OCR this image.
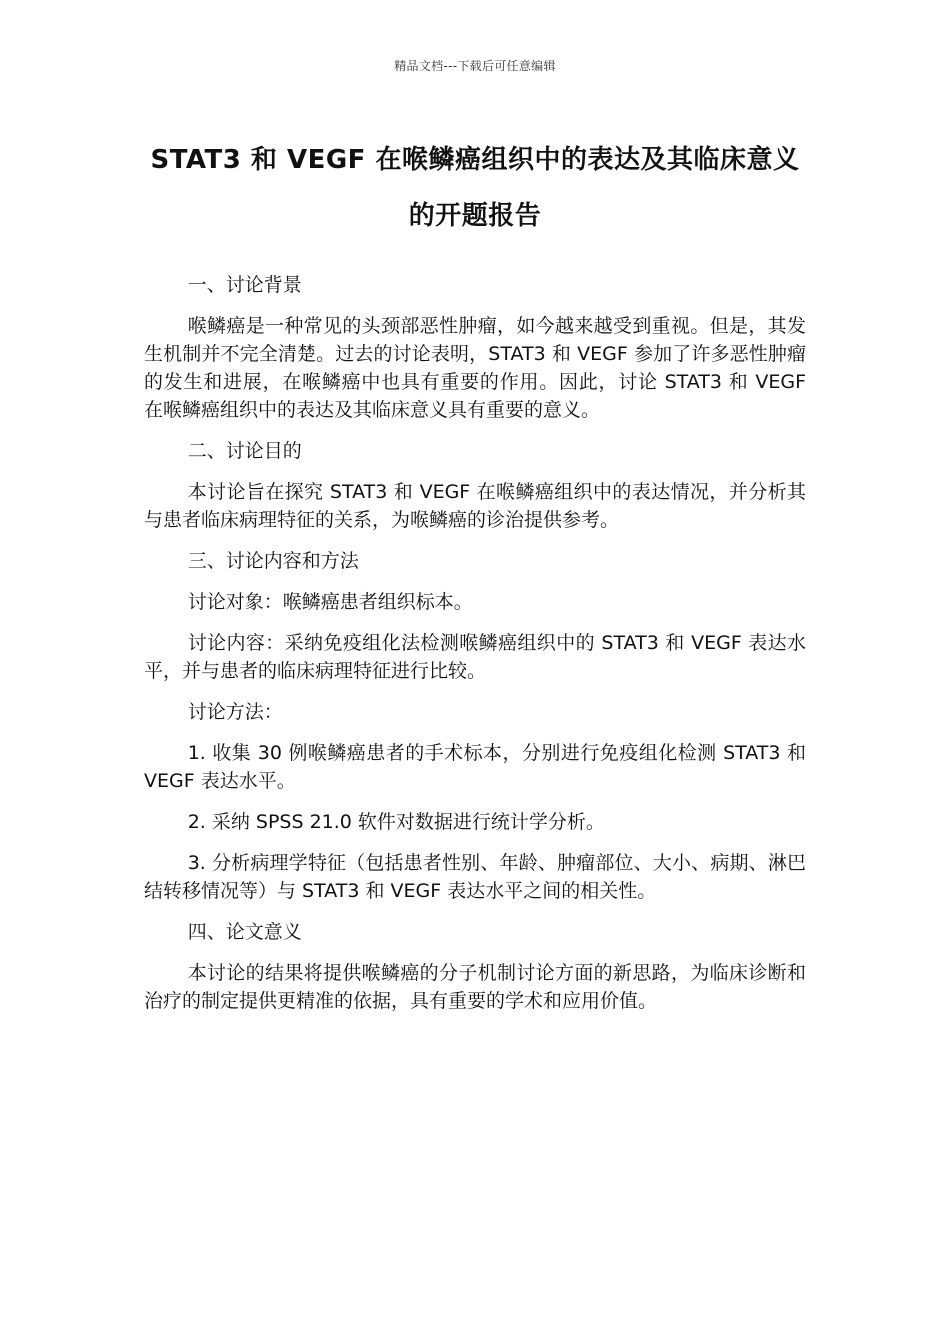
精品文档---下载后可任意编辑
STAT3 和 VEGF 在喉鳞癌组织中的表达及其临床意义的开题报告

一、讨论背景

喉鳞癌是一种常见的头颈部恶性肿瘤，如今越来越受到重视。但是，其发生机制并不完全清楚。过去的讨论表明，STAT3 和 VEGF 参加了许多恶性肿瘤的发生和进展，在喉鳞癌中也具有重要的作用。因此，讨论 STAT3 和 VEGF 在喉鳞癌组织中的表达及其临床意义具有重要的意义。

二、讨论目的

本讨论旨在探究 STAT3 和 VEGF 在喉鳞癌组织中的表达情况，并分析其与患者临床病理特征的关系，为喉鳞癌的诊治提供参考。

三、讨论内容和方法

讨论对象：喉鳞癌患者组织标本。

讨论内容：采纳免疫组化法检测喉鳞癌组织中的 STAT3 和 VEGF 表达水平，并与患者的临床病理特征进行比较。

讨论方法：

1. 收集 30 例喉鳞癌患者的手术标本，分别进行免疫组化检测 STAT3 和 VEGF 表达水平。

2. 采纳 SPSS 21.0 软件对数据进行统计学分析。

3. 分析病理学特征（包括患者性别、年龄、肿瘤部位、大小、病期、淋巴结转移情况等）与 STAT3 和 VEGF 表达水平之间的相关性。

四、论文意义

本讨论的结果将提供喉鳞癌的分子机制讨论方面的新思路，为临床诊断和治疗的制定提供更精准的依据，具有重要的学术和应用价值。
